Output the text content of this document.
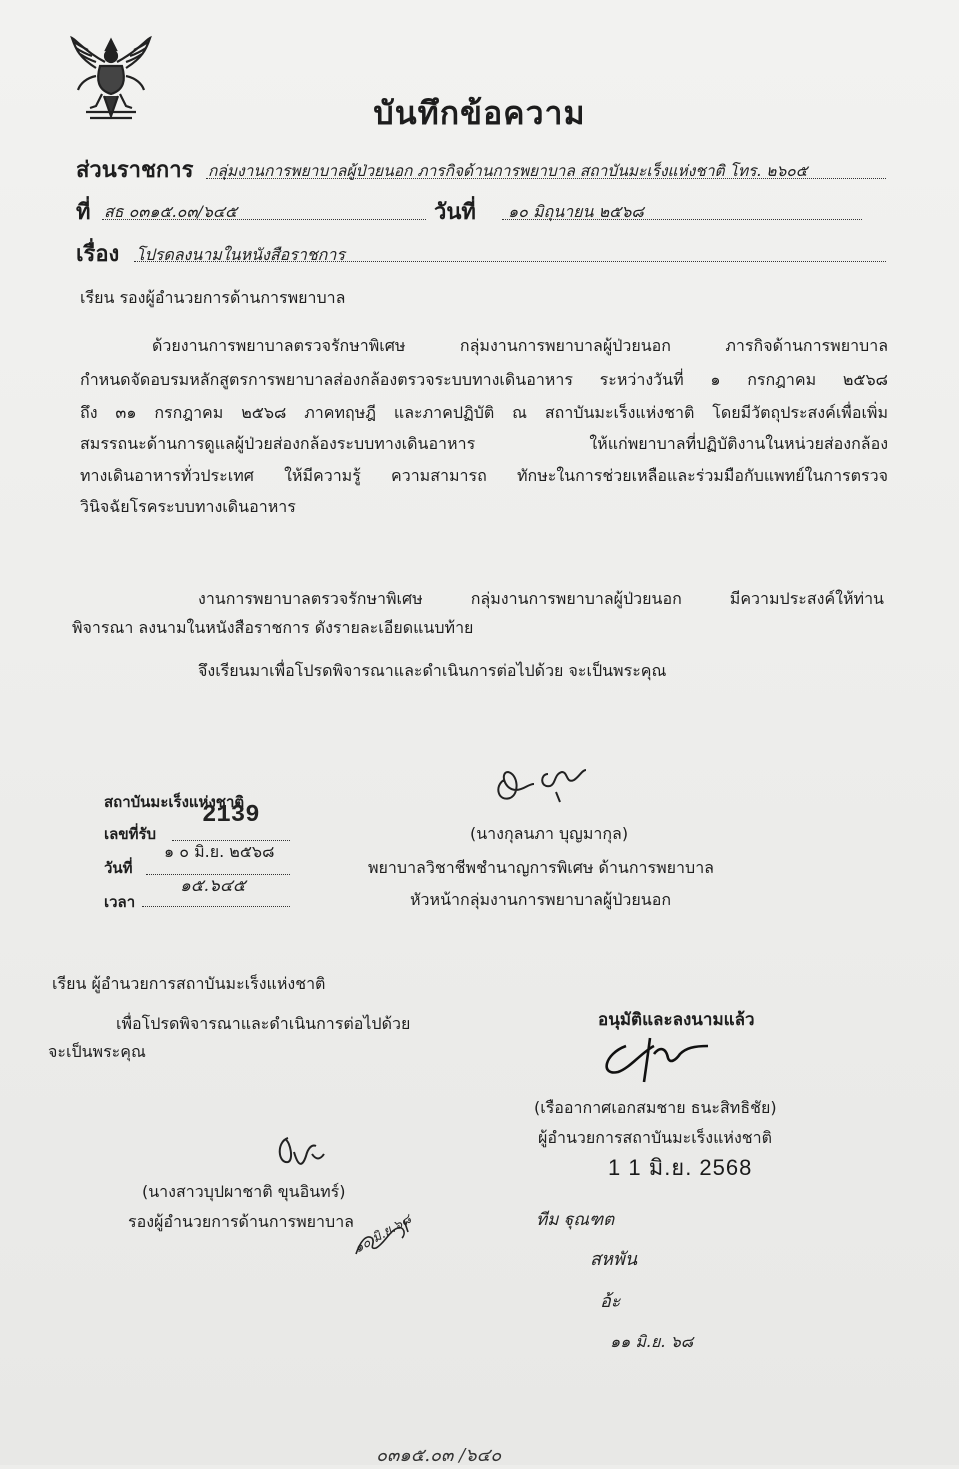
บันทึกข้อความ
ส่วนราชการ กลุ่มงานการพยาบาลผู้ป่วยนอก ภารกิจด้านการพยาบาล สถาบันมะเร็งแห่งชาติ โทร. ๒๖๐๕
ที่ สธ ๐๓๑๕.๐๓/๖๔๕	วันที่ ๑๐ มิถุนายน ๒๕๖๘
เรื่อง โปรดลงนามในหนังสือราชการ
เรียน รองผู้อำนวยการด้านการพยาบาล
ด้วยงานการพยาบาลตรวจรักษาพิเศษ กลุ่มงานการพยาบาลผู้ป่วยนอก ภารกิจด้านการพยาบาล
กำหนดจัดอบรมหลักสูตรการพยาบาลส่องกล้องตรวจระบบทางเดินอาหาร ระหว่างวันที่ ๑ กรกฎาคม ๒๕๖๘
ถึง ๓๑ กรกฎาคม ๒๕๖๘ ภาคทฤษฎี และภาคปฏิบัติ ณ สถาบันมะเร็งแห่งชาติ โดยมีวัตถุประสงค์เพื่อเพิ่ม
สมรรถนะด้านการดูแลผู้ป่วยส่องกล้องระบบทางเดินอาหาร ให้แก่พยาบาลที่ปฏิบัติงานในหน่วยส่องกล้อง
ทางเดินอาหารทั่วประเทศ ให้มีความรู้ ความสามารถ ทักษะในการช่วยเหลือและร่วมมือกับแพทย์ในการตรวจ
วินิจฉัยโรคระบบทางเดินอาหาร
งานการพยาบาลตรวจรักษาพิเศษ กลุ่มงานการพยาบาลผู้ป่วยนอก มีความประสงค์ให้ท่าน
พิจารณา ลงนามในหนังสือราชการ ดังรายละเอียดแนบท้าย
จึงเรียนมาเพื่อโปรดพิจารณาและดำเนินการต่อไปด้วย จะเป็นพระคุณ
สถาบันมะเร็งแห่งชาติ
เลขที่รับ
2139
วันที่
๑ ๐ มิ.ย. ๒๕๖๘
เวลา
๑๕.๖๔๕
(นางกุลนภา บุญมากุล)
พยาบาลวิชาชีพชำนาญการพิเศษ ด้านการพยาบาล
หัวหน้ากลุ่มงานการพยาบาลผู้ป่วยนอก
เรียน ผู้อำนวยการสถาบันมะเร็งแห่งชาติ
เพื่อโปรดพิจารณาและดำเนินการต่อไปด้วย
จะเป็นพระคุณ
อนุมัติและลงนามแล้ว
(เรืออากาศเอกสมชาย ธนะสิทธิชัย)
ผู้อำนวยการสถาบันมะเร็งแห่งชาติ
1 1 มิ.ย. 2568
(นางสาวบุปผาชาติ ขุนอินทร์)
รองผู้อำนวยการด้านการพยาบาล
๑๐ มิ.ย.๖๘	ทีม ฐุณฑต
สหพัน
อ้ะ
๑๑ มิ.ย. ๖๘
๐๓๑๕.๐๓ /๖๔๐
